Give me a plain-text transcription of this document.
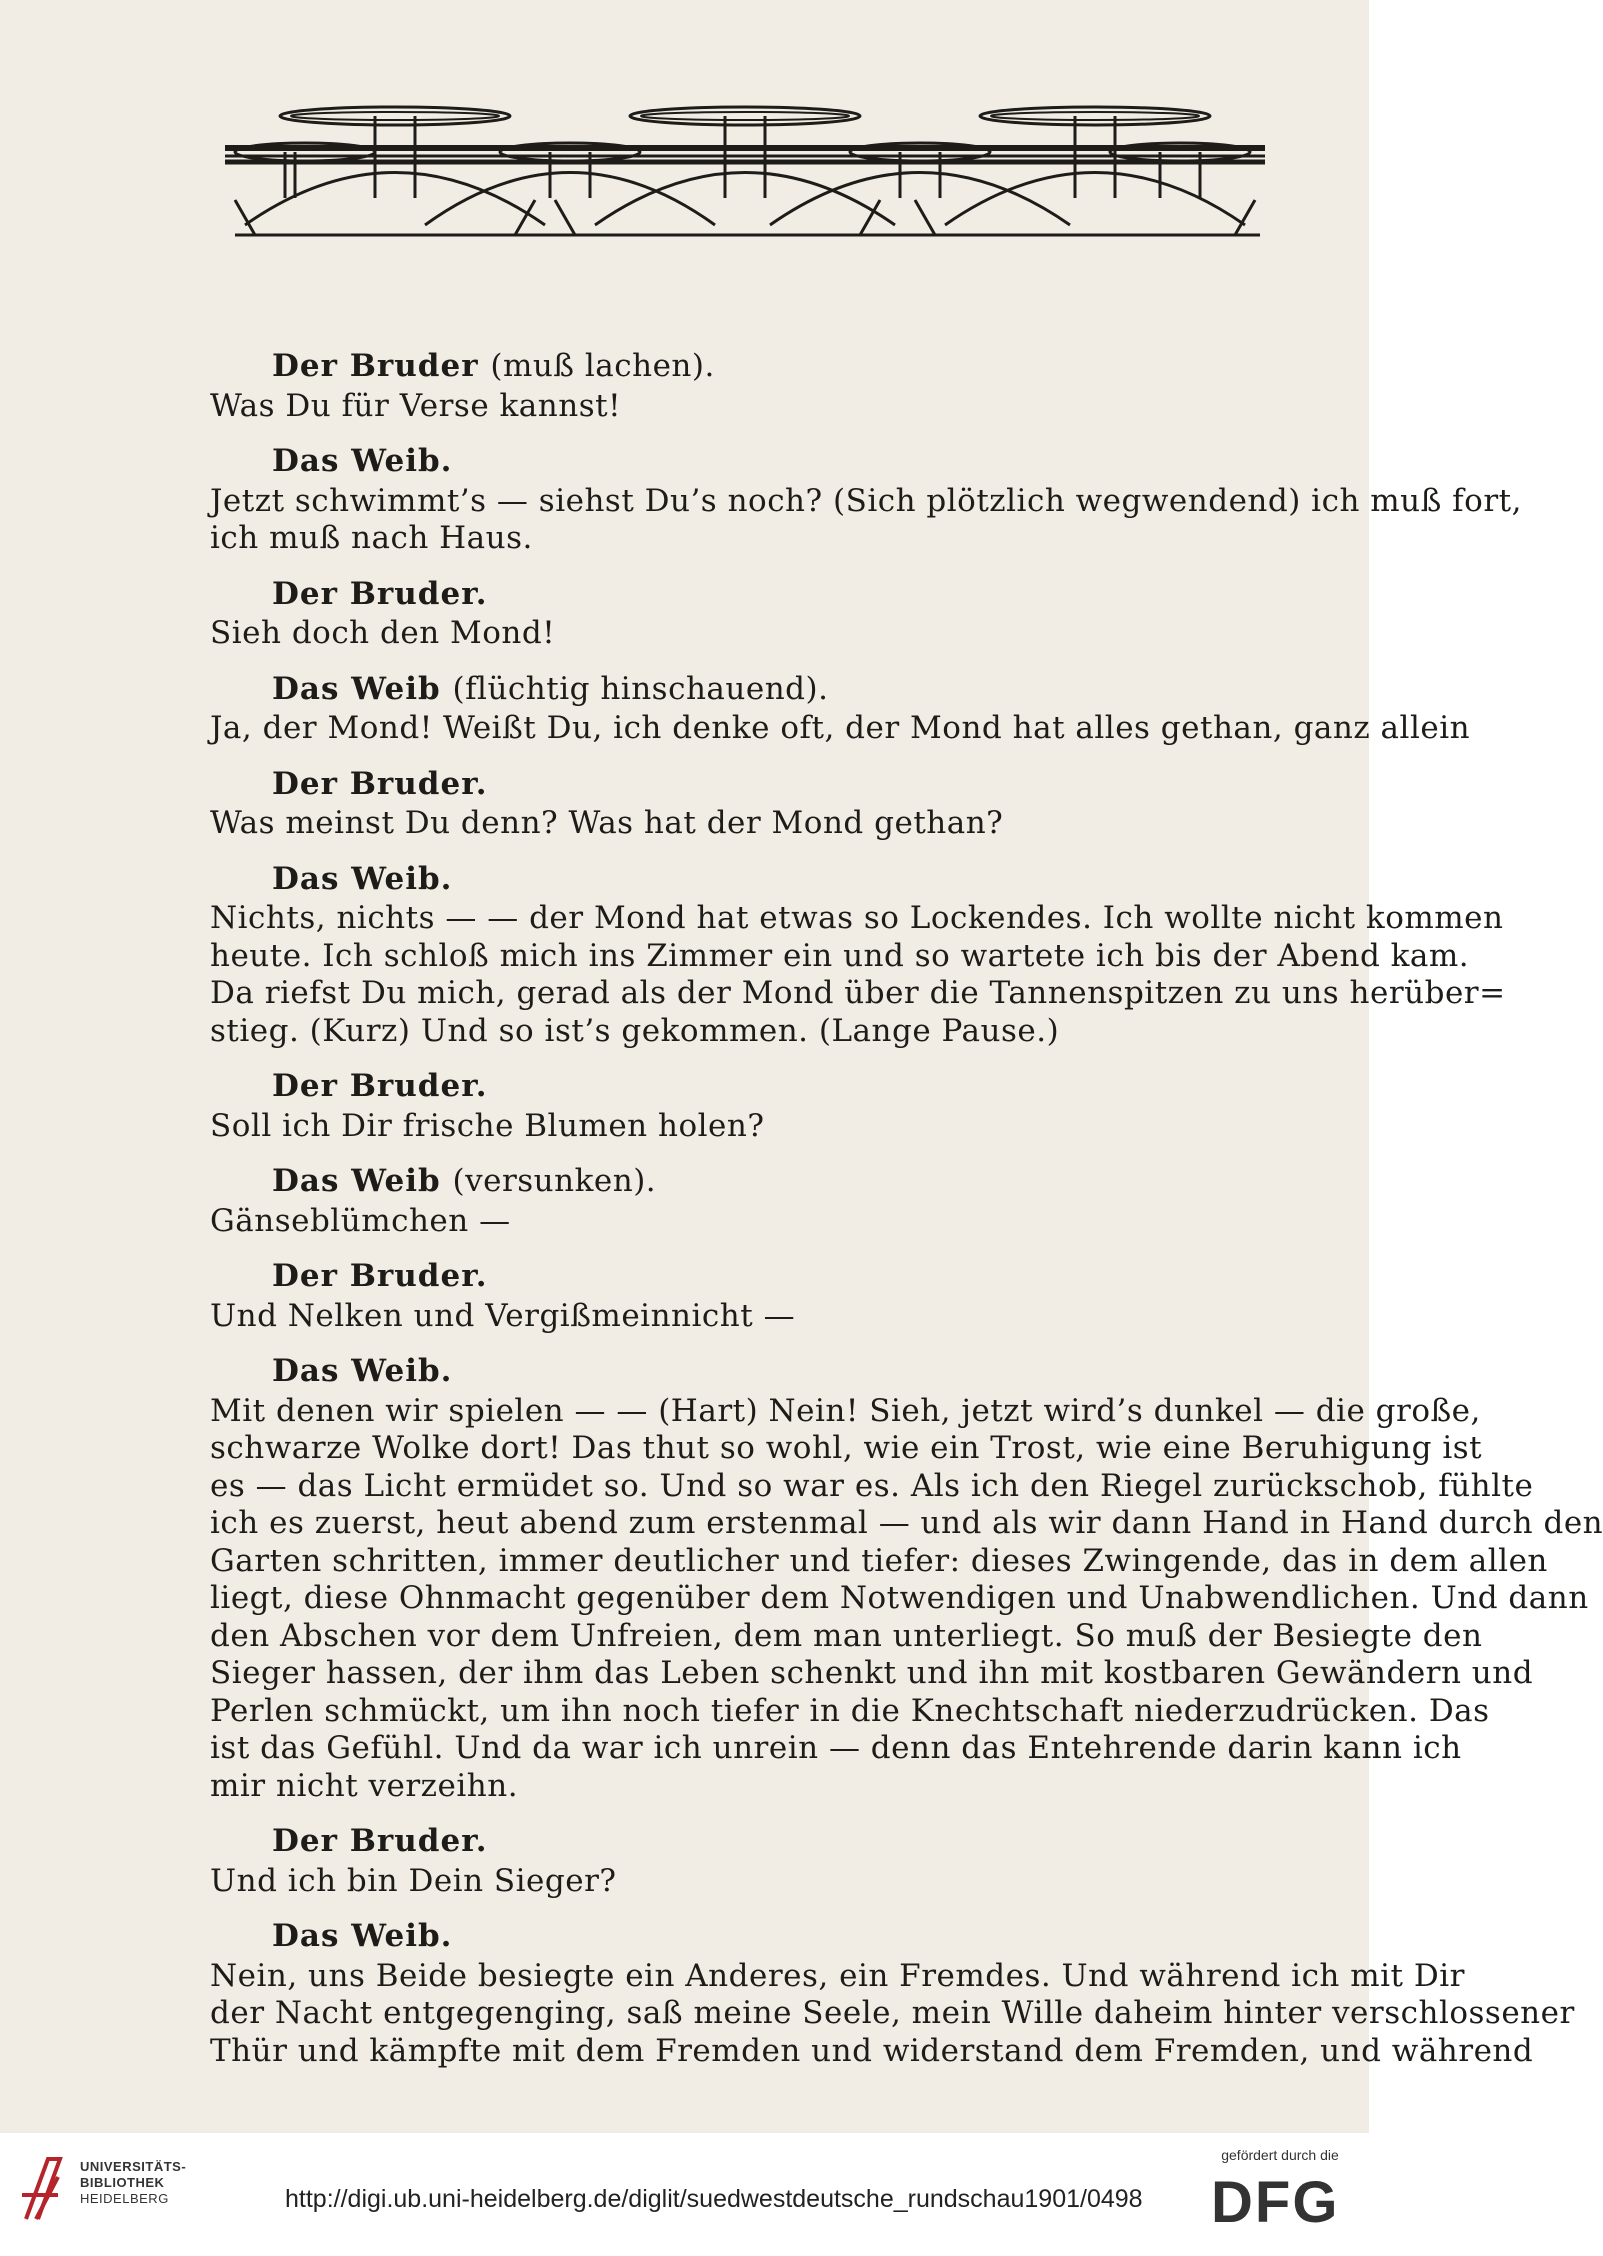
Der Bruder (muß lachen).
Was Du für Verse kannst!
Das Weib.
Jetzt schwimmt’s — siehst Du’s noch? (Sich plötzlich wegwendend) ich muß fort,
ich muß nach Haus.
Der Bruder.
Sieh doch den Mond!
Das Weib (flüchtig hinschauend).
Ja, der Mond! Weißt Du, ich denke oft, der Mond hat alles gethan, ganz allein
Der Bruder.
Was meinst Du denn? Was hat der Mond gethan?
Das Weib.
Nichts, nichts — — der Mond hat etwas so Lockendes. Ich wollte nicht kommen
heute. Ich schloß mich ins Zimmer ein und so wartete ich bis der Abend kam.
Da riefst Du mich, gerad als der Mond über die Tannenspitzen zu uns herüber=
stieg. (Kurz) Und so ist’s gekommen. (Lange Pause.)
Der Bruder.
Soll ich Dir frische Blumen holen?
Das Weib (versunken).
Gänseblümchen —
Der Bruder.
Und Nelken und Vergißmeinnicht —
Das Weib.
Mit denen wir spielen — — (Hart) Nein! Sieh, jetzt wird’s dunkel — die große,
schwarze Wolke dort! Das thut so wohl, wie ein Trost, wie eine Beruhigung ist
es — das Licht ermüdet so. Und so war es. Als ich den Riegel zurückschob, fühlte
ich es zuerst, heut abend zum erstenmal — und als wir dann Hand in Hand durch den
Garten schritten, immer deutlicher und tiefer: dieses Zwingende, das in dem allen
liegt, diese Ohnmacht gegenüber dem Notwendigen und Unabwendlichen. Und dann
den Abschen vor dem Unfreien, dem man unterliegt. So muß der Besiegte den
Sieger hassen, der ihm das Leben schenkt und ihn mit kostbaren Gewändern und
Perlen schmückt, um ihn noch tiefer in die Knechtschaft niederzudrücken. Das
ist das Gefühl. Und da war ich unrein — denn das Entehrende darin kann ich
mir nicht verzeihn.
Der Bruder.
Und ich bin Dein Sieger?
Das Weib.
Nein, uns Beide besiegte ein Anderes, ein Fremdes. Und während ich mit Dir
der Nacht entgegenging, saß meine Seele, mein Wille daheim hinter verschlossener
Thür und kämpfte mit dem Fremden und widerstand dem Fremden, und während
UNIVERSITÄTS-
BIBLIOTHEK
HEIDELBERG	http://digi.ub.uni-heidelberg.de/diglit/suedwestdeutsche_rundschau1901/0498
gefördert durch die
DFG
